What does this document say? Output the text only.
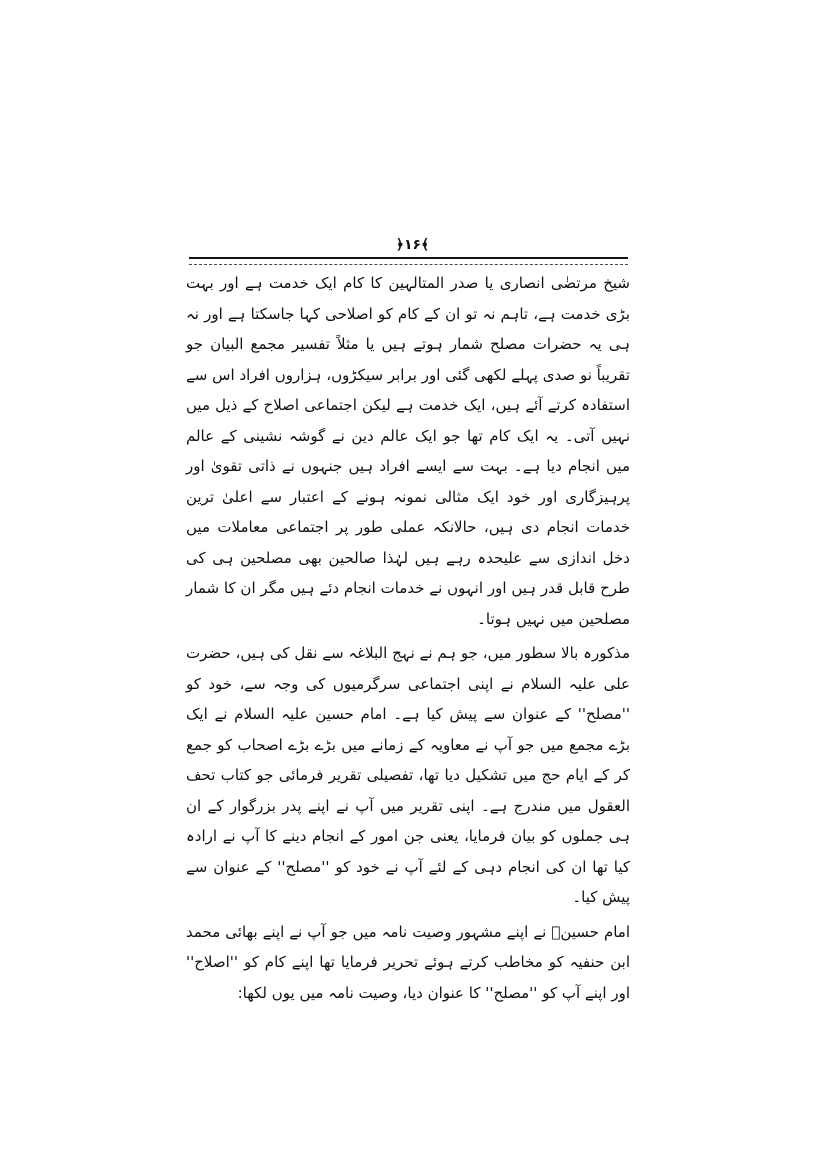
﴿۱۶﴾

شیخ مرتضٰی انصاری یا صدر المتالہین کا کام ایک خدمت ہے اور بہت بڑی خدمت ہے، تاہم نہ تو ان کے کام کو اصلاحی کہا جاسکتا ہے اور نہ ہی یہ حضرات مصلح شمار ہوتے ہیں یا مثلاً تفسیر مجمع البیان جو تقریباً نو صدی پہلے لکھی گئی اور برابر سیکڑوں، ہزاروں افراد اس سے استفادہ کرتے آئے ہیں، ایک خدمت ہے لیکن اجتماعی اصلاح کے ذیل میں نہیں آتی۔ یہ ایک کام تھا جو ایک عالم دین نے گوشہ نشینی کے عالم میں انجام دیا ہے۔ بہت سے ایسے افراد ہیں جنہوں نے ذاتی تقویٰ اور پرہیزگاری اور خود ایک مثالی نمونہ ہونے کے اعتبار سے اعلیٰ ترین خدمات انجام دی ہیں، حالانکہ عملی طور پر اجتماعی معاملات میں دخل اندازی سے علیحدہ رہے ہیں لہٰذا صالحین بھی مصلحین ہی کی طرح قابل قدر ہیں اور انہوں نے خدمات انجام دئے ہیں مگر ان کا شمار مصلحین میں نہیں ہوتا۔

مذکورہ بالا سطور میں، جو ہم نے نہج البلاغہ سے نقل کی ہیں، حضرت علی علیہ السلام نے اپنی اجتماعی سرگرمیوں کی وجہ سے، خود کو ''مصلح'' کے عنوان سے پیش کیا ہے۔ امام حسین علیہ السلام نے ایک بڑے مجمع میں جو آپ نے معاویہ کے زمانے میں بڑے بڑے اصحاب کو جمع کر کے ایام حج میں تشکیل دیا تھا، تفصیلی تقریر فرمائی جو کتاب تحف العقول میں مندرج ہے۔ اپنی تقریر میں آپ نے اپنے پدر بزرگوار کے ان ہی جملوں کو بیان فرمایا، یعنی جن امور کے انجام دینے کا آپ نے ارادہ کیا تھا ان کی انجام دہی کے لئے آپ نے خود کو ''مصلح'' کے عنوان سے پیش کیا۔

امام حسینؑ نے اپنے مشہور وصیت نامہ میں جو آپ نے اپنے بھائی محمد ابن حنفیہ کو مخاطب کرتے ہوئے تحریر فرمایا تھا اپنے کام کو ''اصلاح'' اور اپنے آپ کو ''مصلح'' کا عنوان دیا، وصیت نامہ میں یوں لکھا:
